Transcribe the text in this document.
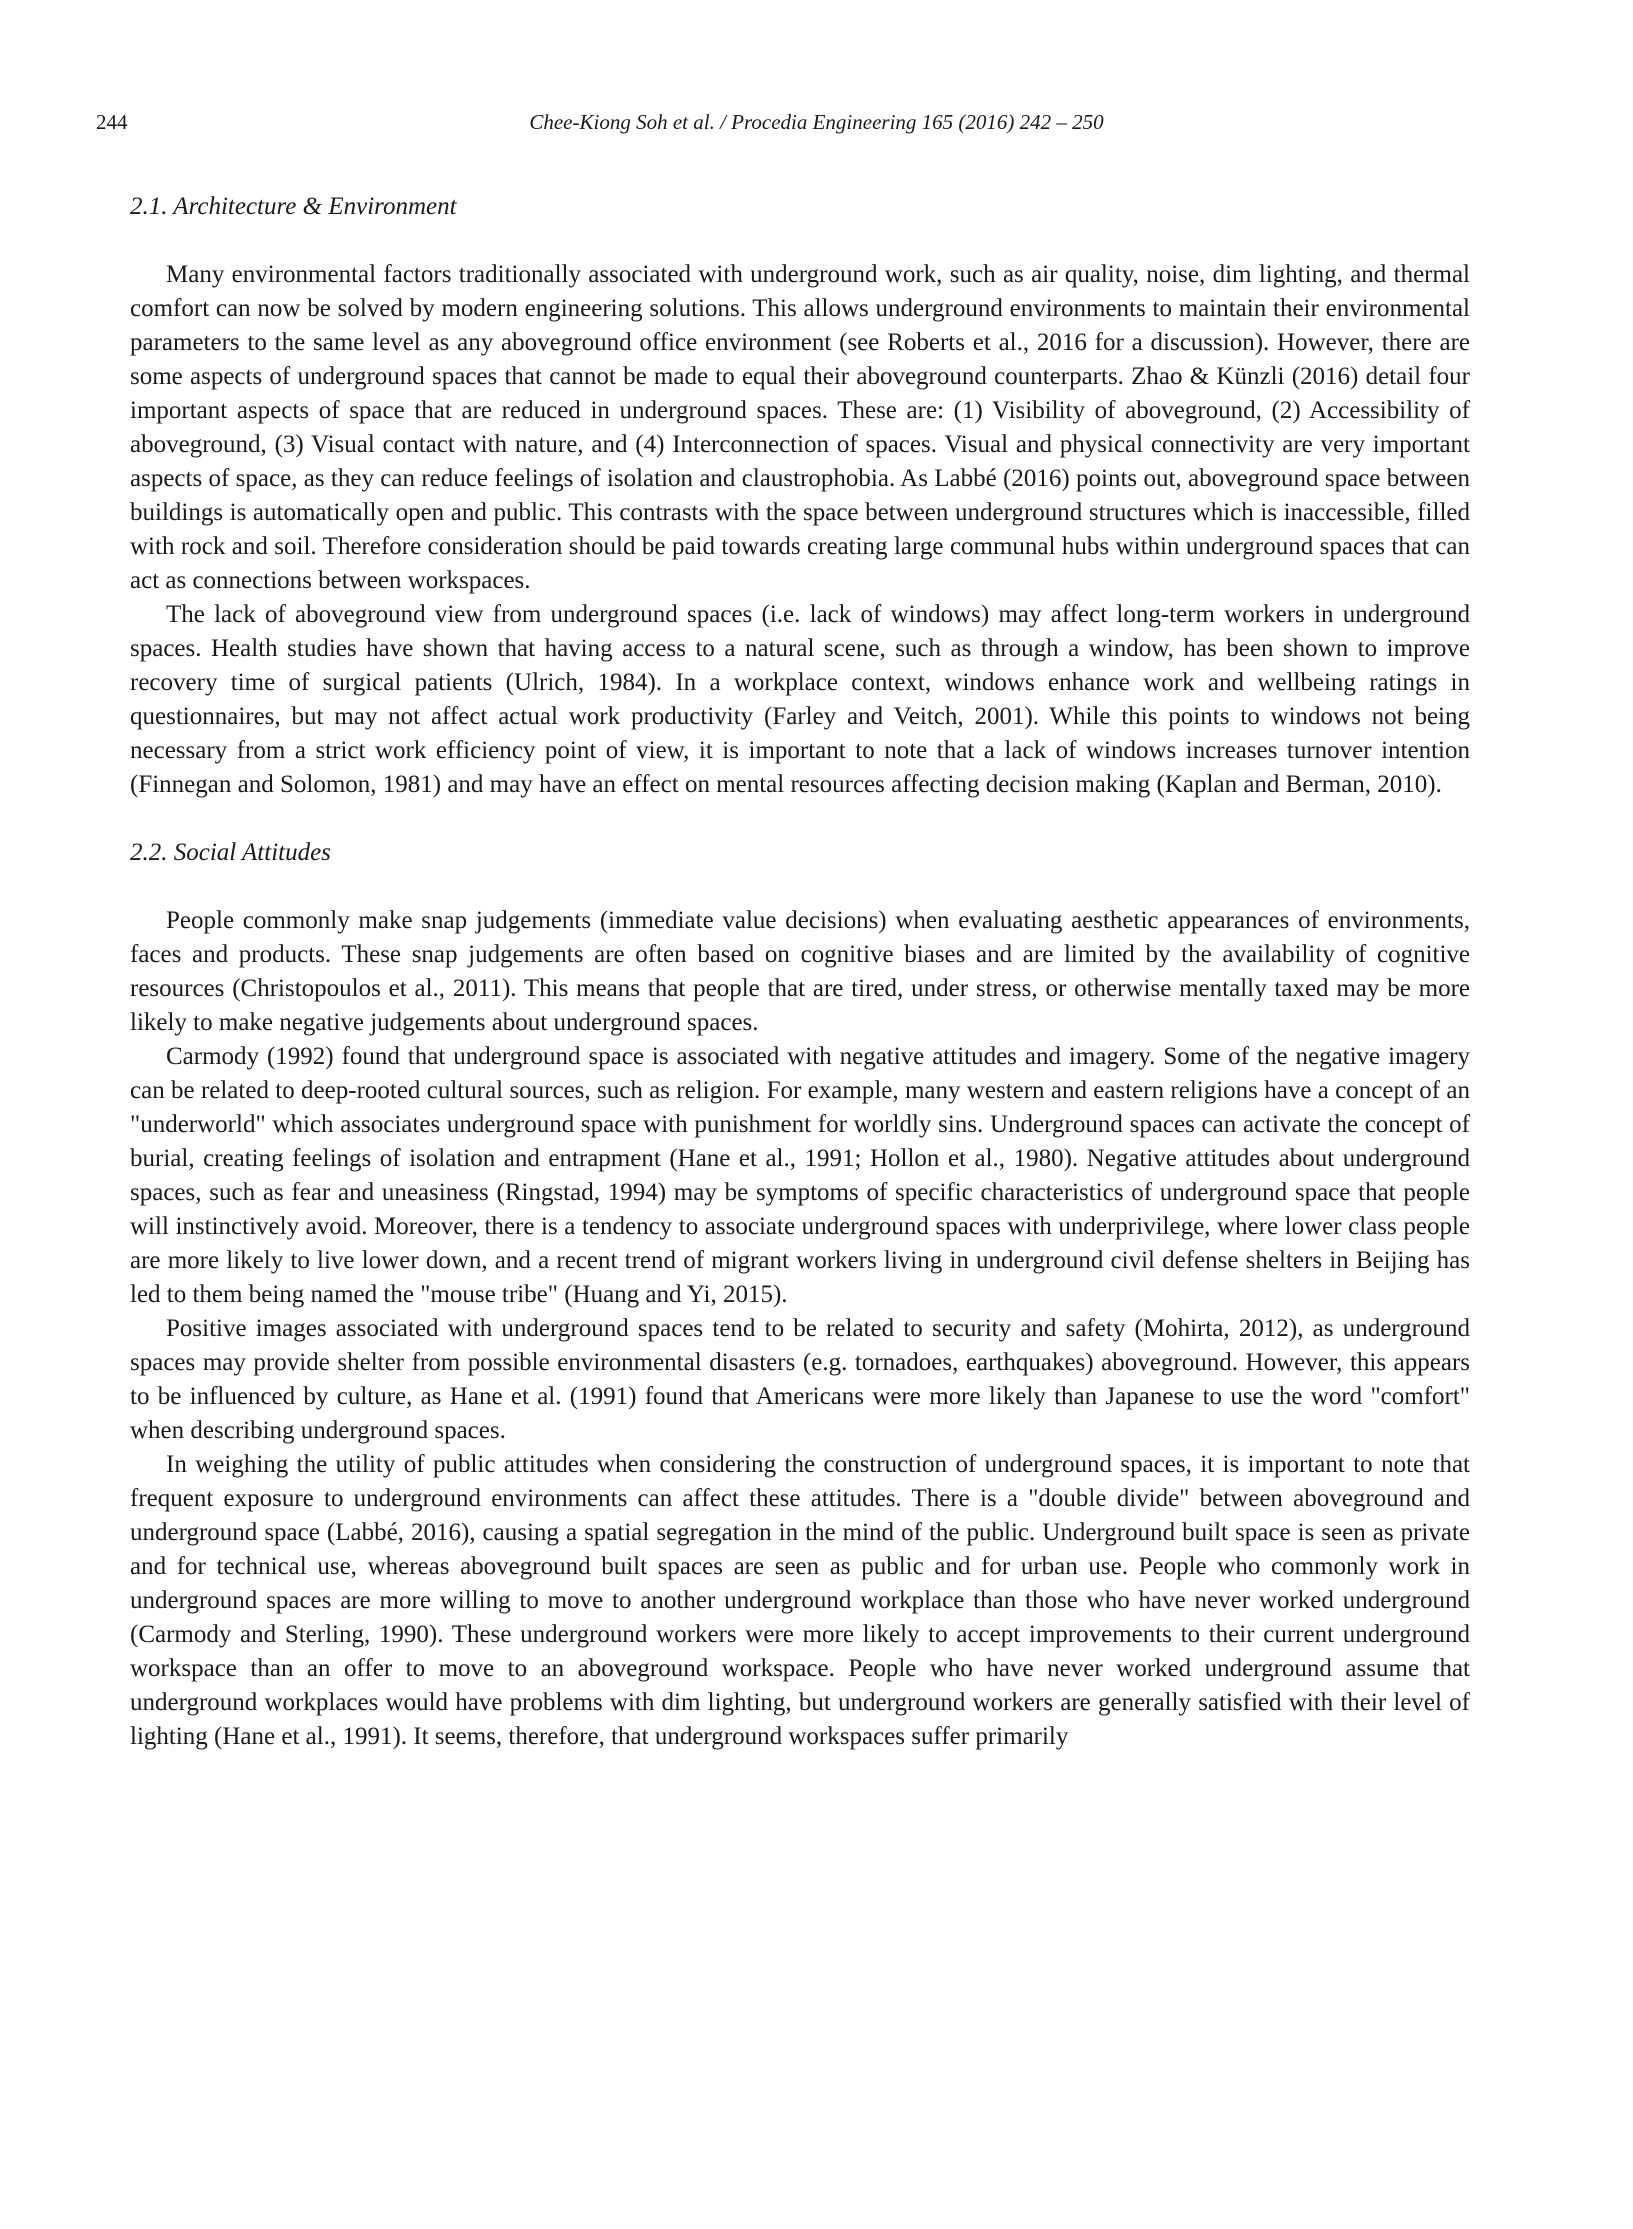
244	Chee-Kiong Soh et al. / Procedia Engineering 165 (2016) 242 – 250
2.1. Architecture & Environment

Many environmental factors traditionally associated with underground work, such as air quality, noise, dim lighting, and thermal comfort can now be solved by modern engineering solutions. This allows underground environments to maintain their environmental parameters to the same level as any aboveground office environment (see Roberts et al., 2016 for a discussion). However, there are some aspects of underground spaces that cannot be made to equal their aboveground counterparts. Zhao & Künzli (2016) detail four important aspects of space that are reduced in underground spaces. These are: (1) Visibility of aboveground, (2) Accessibility of aboveground, (3) Visual contact with nature, and (4) Interconnection of spaces. Visual and physical connectivity are very important aspects of space, as they can reduce feelings of isolation and claustrophobia. As Labbé (2016) points out, aboveground space between buildings is automatically open and public. This contrasts with the space between underground structures which is inaccessible, filled with rock and soil. Therefore consideration should be paid towards creating large communal hubs within underground spaces that can act as connections between workspaces.

The lack of aboveground view from underground spaces (i.e. lack of windows) may affect long-term workers in underground spaces. Health studies have shown that having access to a natural scene, such as through a window, has been shown to improve recovery time of surgical patients (Ulrich, 1984). In a workplace context, windows enhance work and wellbeing ratings in questionnaires, but may not affect actual work productivity (Farley and Veitch, 2001). While this points to windows not being necessary from a strict work efficiency point of view, it is important to note that a lack of windows increases turnover intention (Finnegan and Solomon, 1981) and may have an effect on mental resources affecting decision making (Kaplan and Berman, 2010).

2.2. Social Attitudes

People commonly make snap judgements (immediate value decisions) when evaluating aesthetic appearances of environments, faces and products. These snap judgements are often based on cognitive biases and are limited by the availability of cognitive resources (Christopoulos et al., 2011). This means that people that are tired, under stress, or otherwise mentally taxed may be more likely to make negative judgements about underground spaces.

Carmody (1992) found that underground space is associated with negative attitudes and imagery. Some of the negative imagery can be related to deep-rooted cultural sources, such as religion. For example, many western and eastern religions have a concept of an "underworld" which associates underground space with punishment for worldly sins. Underground spaces can activate the concept of burial, creating feelings of isolation and entrapment (Hane et al., 1991; Hollon et al., 1980). Negative attitudes about underground spaces, such as fear and uneasiness (Ringstad, 1994) may be symptoms of specific characteristics of underground space that people will instinctively avoid. Moreover, there is a tendency to associate underground spaces with underprivilege, where lower class people are more likely to live lower down, and a recent trend of migrant workers living in underground civil defense shelters in Beijing has led to them being named the "mouse tribe" (Huang and Yi, 2015).

Positive images associated with underground spaces tend to be related to security and safety (Mohirta, 2012), as underground spaces may provide shelter from possible environmental disasters (e.g. tornadoes, earthquakes) aboveground. However, this appears to be influenced by culture, as Hane et al. (1991) found that Americans were more likely than Japanese to use the word "comfort" when describing underground spaces.

In weighing the utility of public attitudes when considering the construction of underground spaces, it is important to note that frequent exposure to underground environments can affect these attitudes. There is a "double divide" between aboveground and underground space (Labbé, 2016), causing a spatial segregation in the mind of the public. Underground built space is seen as private and for technical use, whereas aboveground built spaces are seen as public and for urban use. People who commonly work in underground spaces are more willing to move to another underground workplace than those who have never worked underground (Carmody and Sterling, 1990). These underground workers were more likely to accept improvements to their current underground workspace than an offer to move to an aboveground workspace. People who have never worked underground assume that underground workplaces would have problems with dim lighting, but underground workers are generally satisfied with their level of lighting (Hane et al., 1991). It seems, therefore, that underground workspaces suffer primarily
